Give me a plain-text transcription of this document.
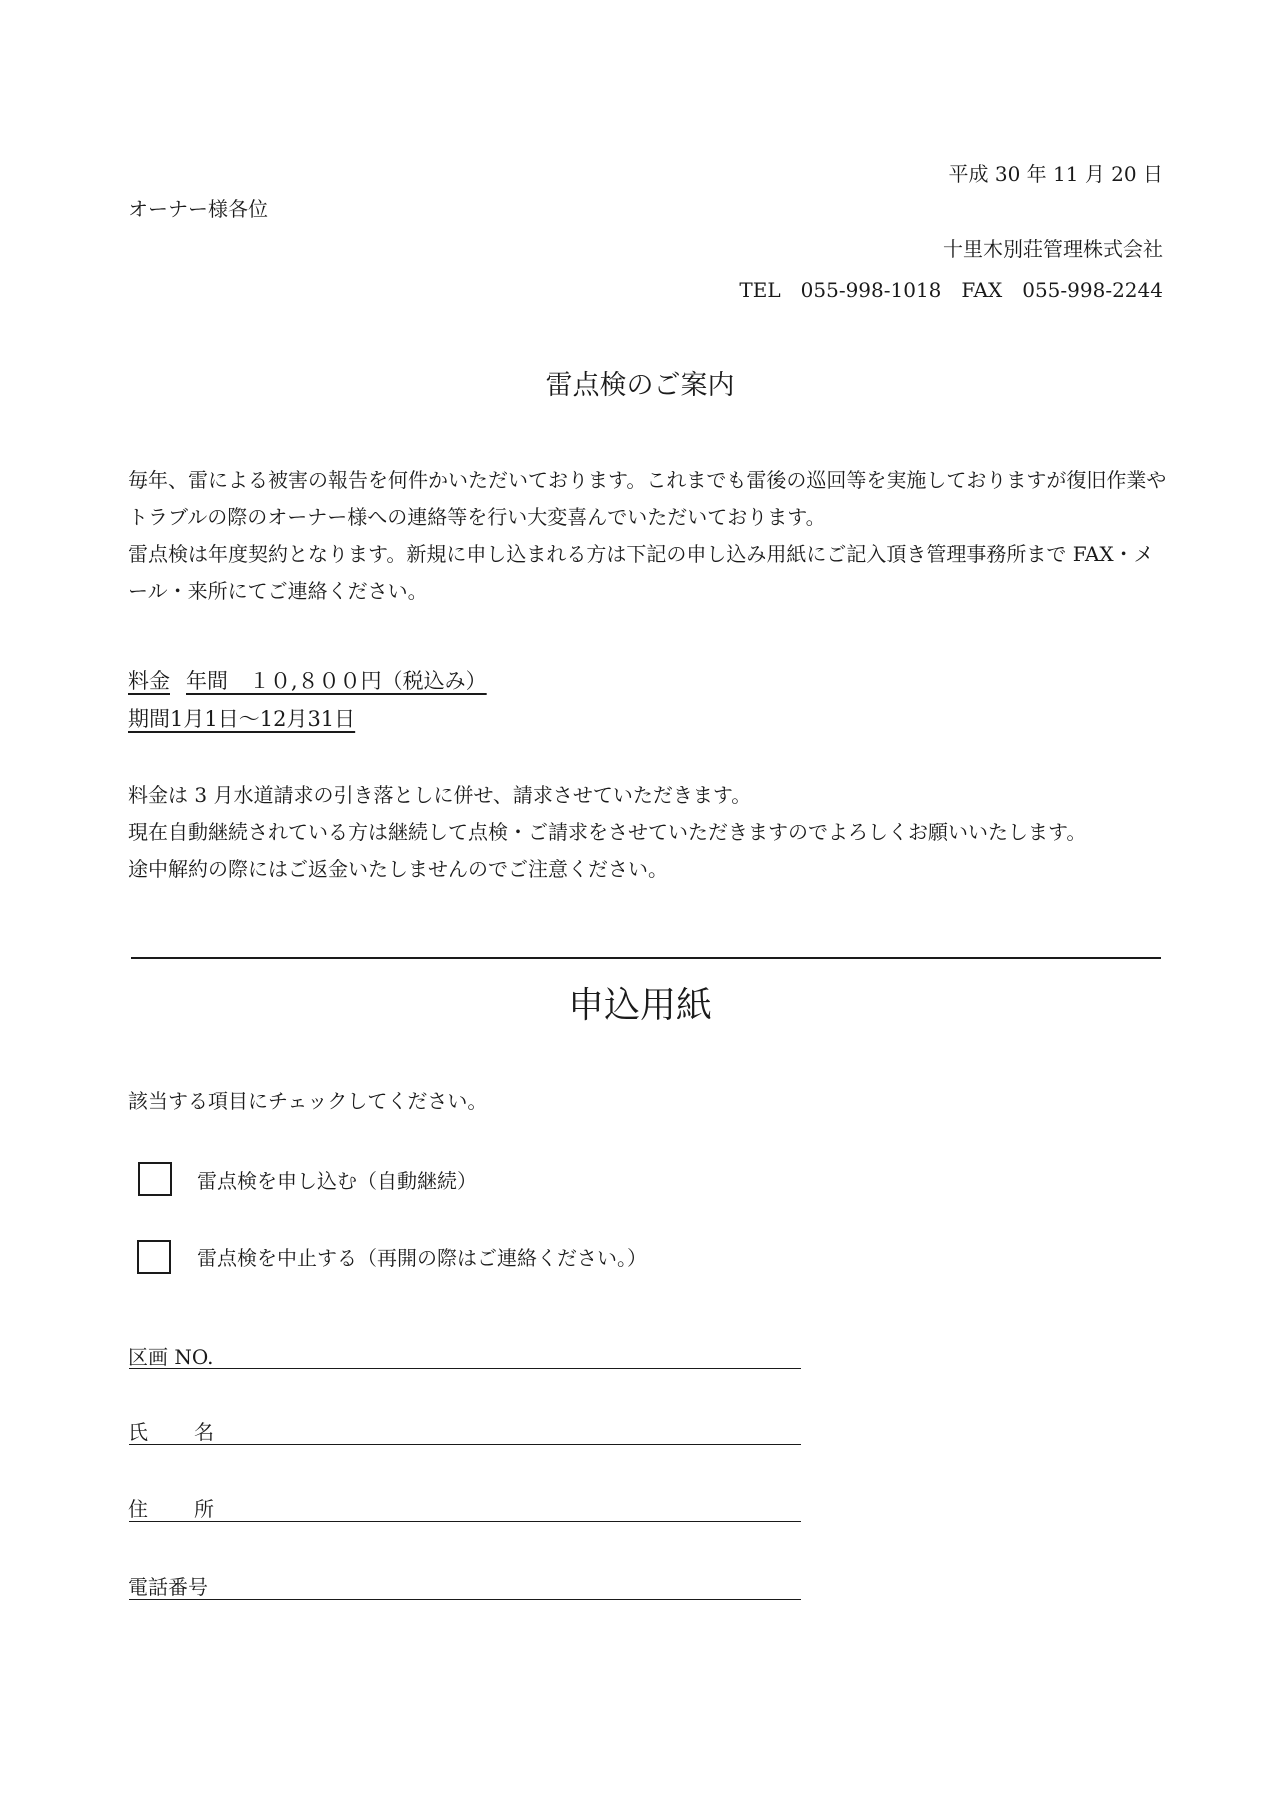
平成 30 年 11 月 20 日
オーナー様各位
十里木別荘管理株式会社
TEL　055-998-1018　FAX　055-998-2244
雷点検のご案内
毎年、雷による被害の報告を何件かいただいております。これまでも雷後の巡回等を実施しておりますが復旧作業やトラブルの際のオーナー様への連絡等を行い大変喜んでいただいております。
雷点検は年度契約となります。新規に申し込まれる方は下記の申し込み用紙にご記入頂き管理事務所まで FAX・メール・来所にてご連絡ください。
料金 年間　１０,８００円（税込み）
期間1月1日～12月31日
料金は 3 月水道請求の引き落としに併せ、請求させていただきます。
現在自動継続されている方は継続して点検・ご請求をさせていただきますのでよろしくお願いいたします。
途中解約の際にはご返金いたしませんのでご注意ください。
申込用紙
該当する項目にチェックしてください。
雷点検を申し込む（自動継続）
雷点検を中止する（再開の際はご連絡ください。）
区画 NO.
氏 名
住 所
電話番号
